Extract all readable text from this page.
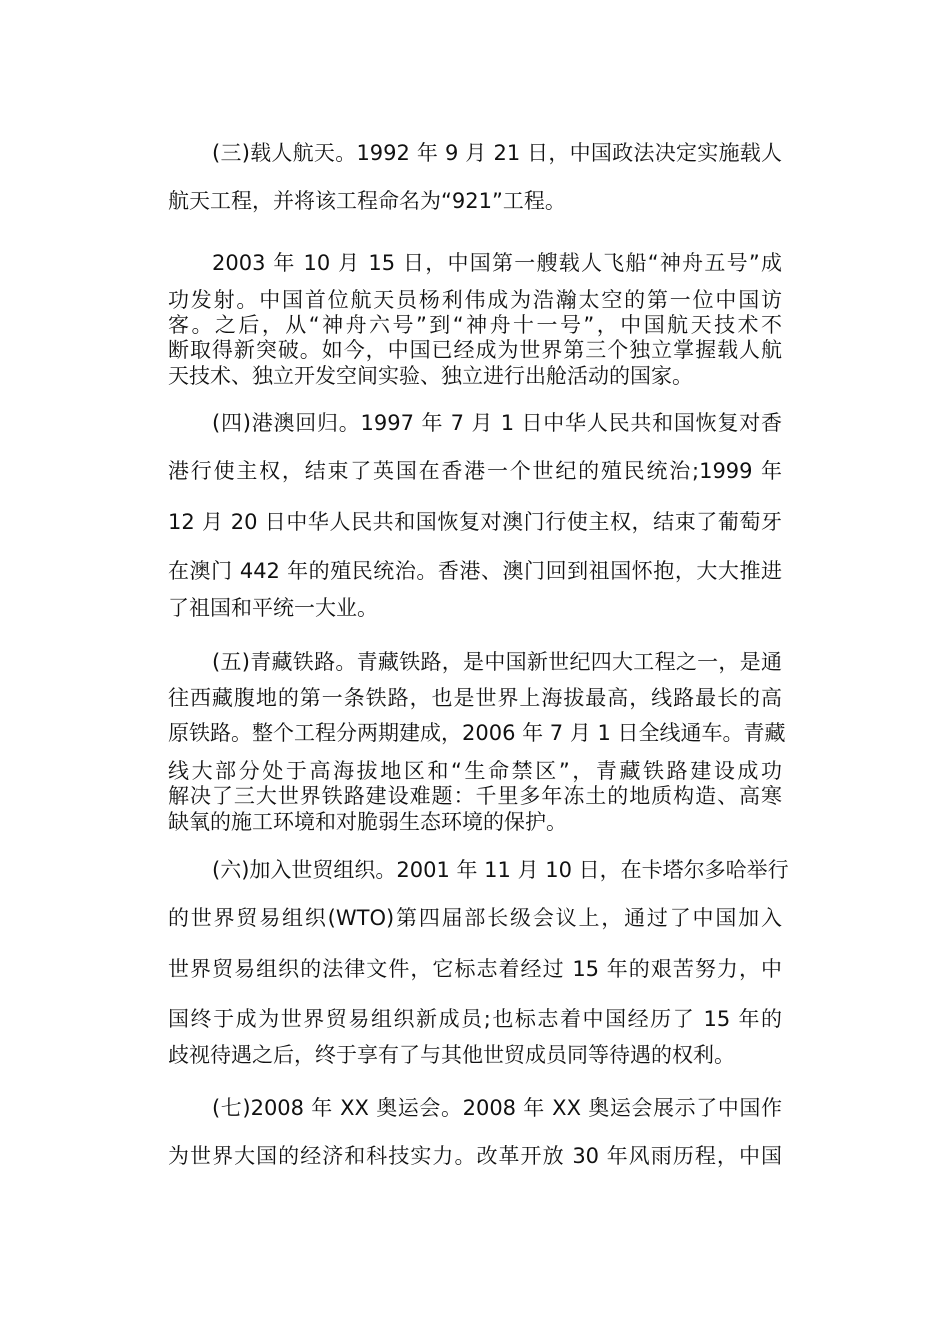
(三)载人航天。1992 年 9 月 21 日，中国政法决定实施载人
航天工程，并将该工程命名为“921”工程。
2003 年 10 月 15 日，中国第一艘载人飞船“神舟五号”成
功发射。中国首位航天员杨利伟成为浩瀚太空的第一位中国访
客。之后，从“神舟六号”到“神舟十一号”，中国航天技术不
断取得新突破。如今，中国已经成为世界第三个独立掌握载人航
天技术、独立开发空间实验、独立进行出舱活动的国家。
(四)港澳回归。1997 年 7 月 1 日中华人民共和国恢复对香
港行使主权，结束了英国在香港一个世纪的殖民统治;1999 年
12 月 20 日中华人民共和国恢复对澳门行使主权，结束了葡萄牙
在澳门 442 年的殖民统治。香港、澳门回到祖国怀抱，大大推进
了祖国和平统一大业。
(五)青藏铁路。青藏铁路，是中国新世纪四大工程之一，是通
往西藏腹地的第一条铁路，也是世界上海拔最高，线路最长的高
原铁路。整个工程分两期建成，2006 年 7 月 1 日全线通车。青藏
线大部分处于高海拔地区和“生命禁区”，青藏铁路建设成功
解决了三大世界铁路建设难题：千里多年冻土的地质构造、高寒
缺氧的施工环境和对脆弱生态环境的保护。
(六)加入世贸组织。2001 年 11 月 10 日，在卡塔尔多哈举行
的世界贸易组织(WTO)第四届部长级会议上，通过了中国加入
世界贸易组织的法律文件，它标志着经过 15 年的艰苦努力，中
国终于成为世界贸易组织新成员;也标志着中国经历了 15 年的
歧视待遇之后，终于享有了与其他世贸成员同等待遇的权利。
(七)2008 年 XX 奥运会。2008 年 XX 奥运会展示了中国作
为世界大国的经济和科技实力。改革开放 30 年风雨历程，中国
